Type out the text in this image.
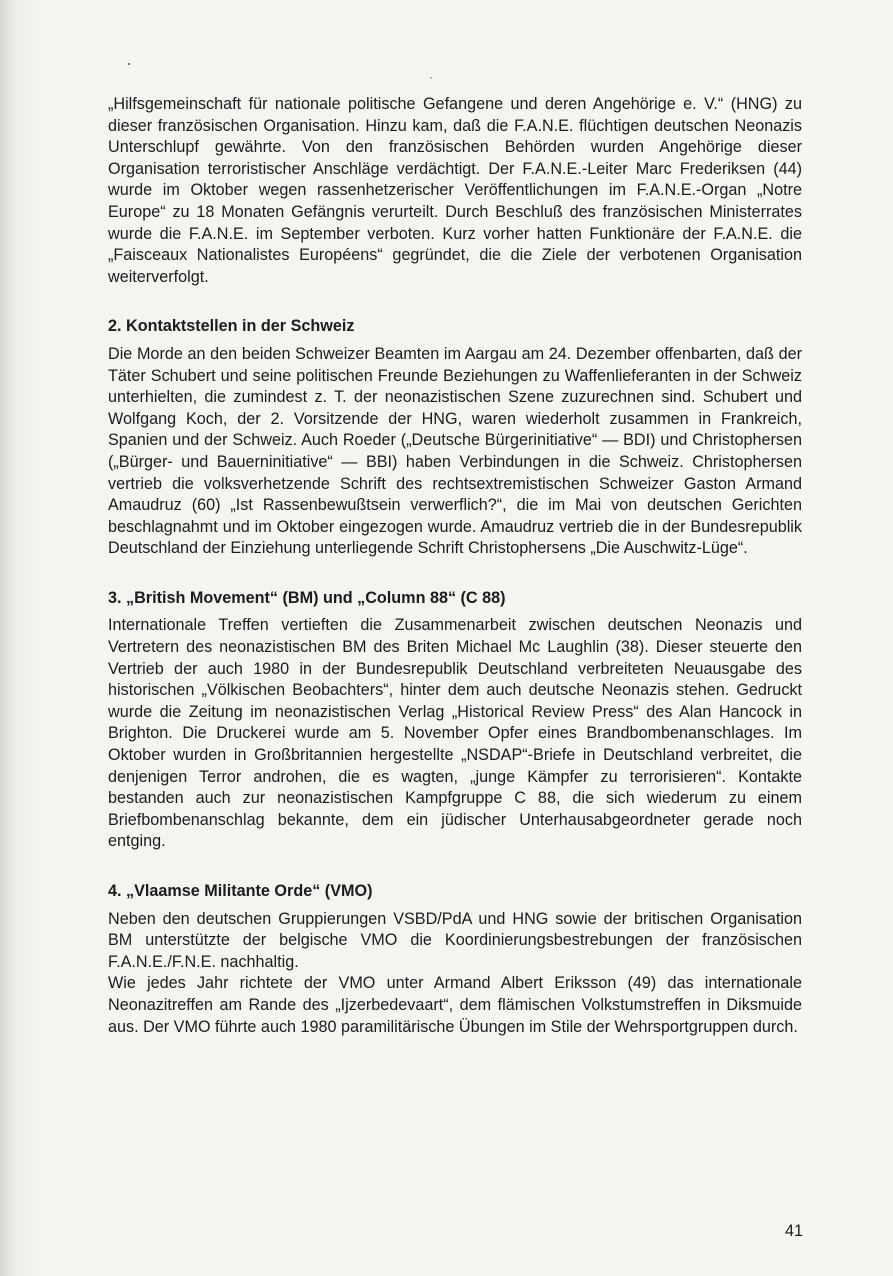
„Hilfsgemeinschaft für nationale politische Gefangene und deren Angehörige e. V.“ (HNG) zu dieser französischen Organisation. Hinzu kam, daß die F.A.N.E. flüchtigen deutschen Neonazis Unterschlupf gewährte. Von den französischen Behörden wurden Angehörige dieser Organisation terroristischer Anschläge verdächtigt. Der F.A.N.E.-Leiter Marc Frederiksen (44) wurde im Oktober wegen rassenhetzerischer Veröffentlichungen im F.A.N.E.-Organ „Notre Europe“ zu 18 Monaten Gefängnis verurteilt. Durch Beschluß des französischen Ministerrates wurde die F.A.N.E. im September verboten. Kurz vorher hatten Funktionäre der F.A.N.E. die „Faisceaux Nationalistes Européens“ gegründet, die die Ziele der verbotenen Organisation weiterverfolgt.

2. Kontaktstellen in der Schweiz

Die Morde an den beiden Schweizer Beamten im Aargau am 24. Dezember offenbarten, daß der Täter Schubert und seine politischen Freunde Beziehungen zu Waffenlieferanten in der Schweiz unterhielten, die zumindest z. T. der neonazistischen Szene zuzurechnen sind. Schubert und Wolfgang Koch, der 2. Vorsitzende der HNG, waren wiederholt zusammen in Frankreich, Spanien und der Schweiz. Auch Roeder („Deutsche Bürgerinitiative“ — BDI) und Christophersen („Bürger- und Bauerninitiative“ — BBI) haben Verbindungen in die Schweiz. Christophersen vertrieb die volksverhetzende Schrift des rechtsextremistischen Schweizer Gaston Armand Amaudruz (60) „Ist Rassenbewußtsein verwerflich?“, die im Mai von deutschen Gerichten beschlagnahmt und im Oktober eingezogen wurde. Amaudruz vertrieb die in der Bundesrepublik Deutschland der Einziehung unterliegende Schrift Christophersens „Die Auschwitz-Lüge“.

3. „British Movement“ (BM) und „Column 88“ (C 88)

Internationale Treffen vertieften die Zusammenarbeit zwischen deutschen Neonazis und Vertretern des neonazistischen BM des Briten Michael Mc Laughlin (38). Dieser steuerte den Vertrieb der auch 1980 in der Bundesrepublik Deutschland verbreiteten Neuausgabe des historischen „Völkischen Beobachters“, hinter dem auch deutsche Neonazis stehen. Gedruckt wurde die Zeitung im neonazistischen Verlag „Historical Review Press“ des Alan Hancock in Brighton. Die Druckerei wurde am 5. November Opfer eines Brandbombenanschlages. Im Oktober wurden in Großbritannien hergestellte „NSDAP“-Briefe in Deutschland verbreitet, die denjenigen Terror androhen, die es wagten, „junge Kämpfer zu terrorisieren“. Kontakte bestanden auch zur neonazistischen Kampfgruppe C 88, die sich wiederum zu einem Briefbombenanschlag bekannte, dem ein jüdischer Unterhausabgeordneter gerade noch entging.

4. „Vlaamse Militante Orde“ (VMO)

Neben den deutschen Gruppierungen VSBD/PdA und HNG sowie der britischen Organisation BM unterstützte der belgische VMO die Koordinierungsbestrebungen der französischen F.A.N.E./F.N.E. nachhaltig.

Wie jedes Jahr richtete der VMO unter Armand Albert Eriksson (49) das internationale Neonazitreffen am Rande des „Ijzerbedevaart“, dem flämischen Volkstumstreffen in Diksmuide aus. Der VMO führte auch 1980 paramilitärische Übungen im Stile der Wehrsportgruppen durch.

41
